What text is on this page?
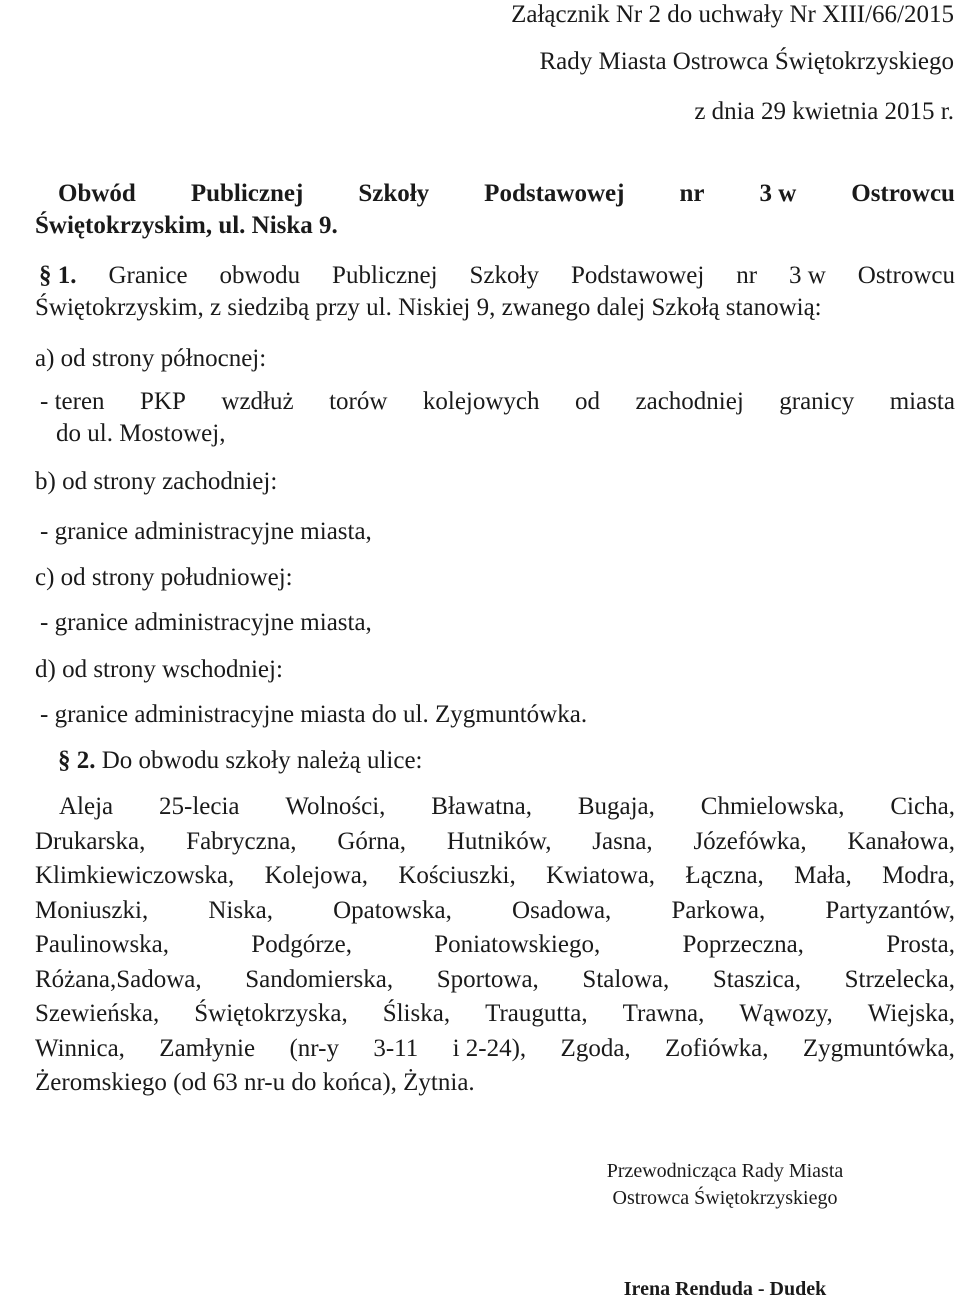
Załącznik Nr 2 do uchwały Nr XIII/66/2015
Rady Miasta Ostrowca Świętokrzyskiego
z dnia 29 kwietnia 2015 r.
Obwód Publicznej Szkoły Podstawowej nr 3 w Ostrowcu
Świętokrzyskim, ul. Niska 9.
§ 1. Granice obwodu Publicznej Szkoły Podstawowej nr 3 w Ostrowcu
Świętokrzyskim, z siedzibą przy ul. Niskiej 9, zwanego dalej Szkołą stanowią:
a) od strony północnej:
- teren PKP wzdłuż torów kolejowych od zachodniej granicy miasta
do ul. Mostowej,
b) od strony zachodniej:
- granice administracyjne miasta,
c) od strony południowej:
- granice administracyjne miasta,
d) od strony wschodniej:
- granice administracyjne miasta do ul. Zygmuntówka.
§ 2. Do obwodu szkoły należą ulice:
Aleja 25-lecia Wolności, Bławatna, Bugaja, Chmielowska, Cicha,
Drukarska, Fabryczna, Górna, Hutników, Jasna, Józefówka, Kanałowa,
Klimkiewiczowska, Kolejowa, Kościuszki, Kwiatowa, Łączna, Mała, Modra,
Moniuszki, Niska, Opatowska, Osadowa, Parkowa, Partyzantów,
Paulinowska,	Podgórze,	Poniatowskiego,	Poprzeczna,	Prosta,
Różana,Sadowa, Sandomierska, Sportowa, Stalowa, Staszica, Strzelecka,
Szewieńska, Świętokrzyska, Śliska, Traugutta, Trawna, Wąwozy, Wiejska,
Winnica, Zamłynie (nr-y 3-11 i 2-24), Zgoda, Zofiówka, Zygmuntówka,
Żeromskiego (od 63 nr-u do końca), Żytnia.
Przewodnicząca Rady Miasta
Ostrowca Świętokrzyskiego
Irena Renduda - Dudek
